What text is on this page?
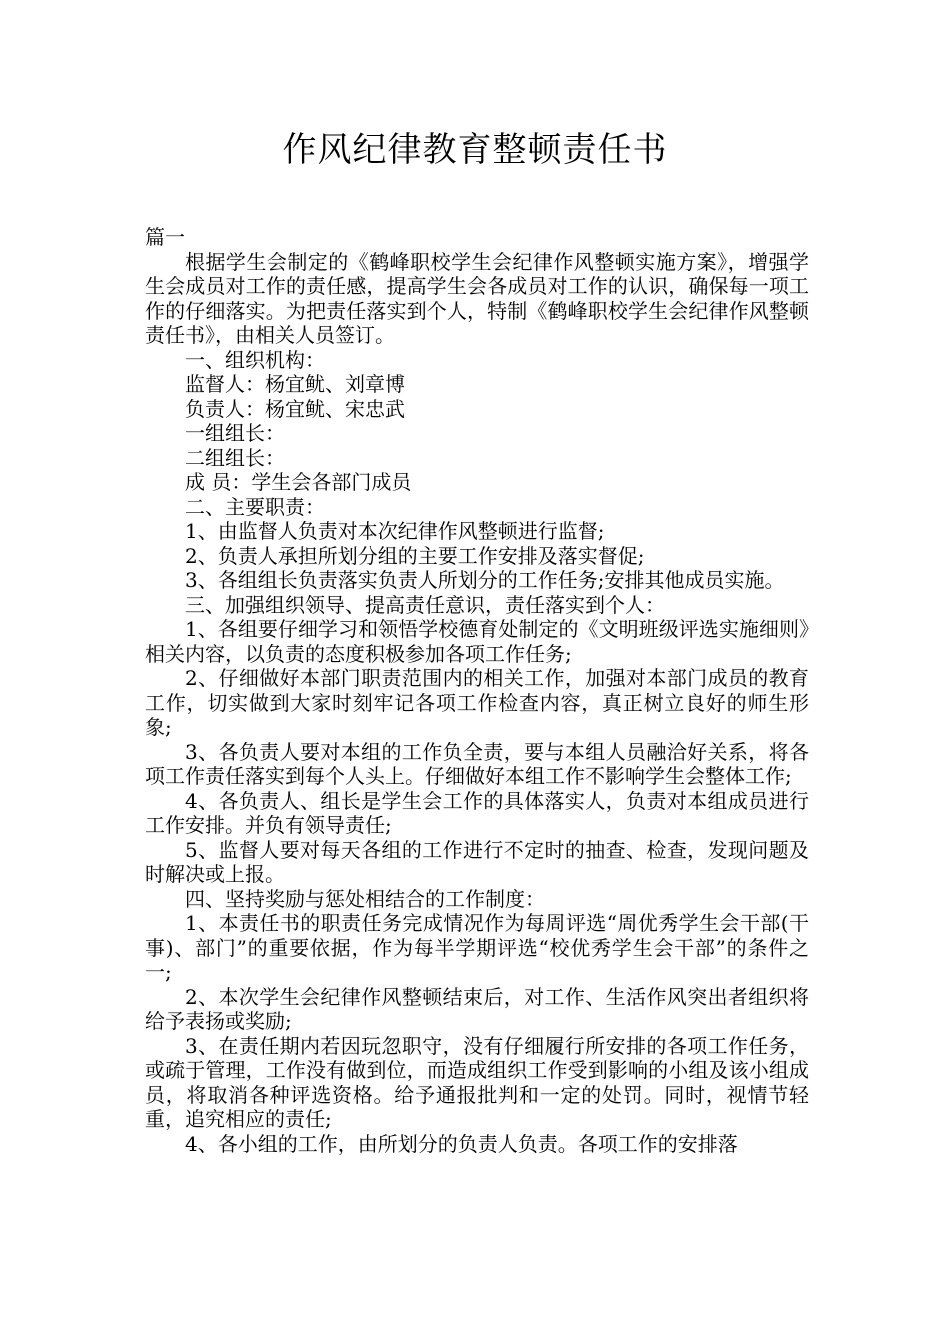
作风纪律教育整顿责任书

篇一

根据学生会制定的《鹤峰职校学生会纪律作风整顿实施方案》，增强学生会成员对工作的责任感，提高学生会各成员对工作的认识，确保每一项工作的仔细落实。为把责任落实到个人，特制《鹤峰职校学生会纪律作风整顿责任书》，由相关人员签订。

一、组织机构：

监督人：杨宜鱿、刘章博

负责人：杨宜鱿、宋忠武

一组组长：

二组组长：

成 员：学生会各部门成员

二、主要职责：

1、由监督人负责对本次纪律作风整顿进行监督;

2、负责人承担所划分组的主要工作安排及落实督促;

3、各组组长负责落实负责人所划分的工作任务;安排其他成员实施。

三、加强组织领导、提高责任意识，责任落实到个人：

1、各组要仔细学习和领悟学校德育处制定的《文明班级评选实施细则》相关内容，以负责的态度积极参加各项工作任务;

2、仔细做好本部门职责范围内的相关工作，加强对本部门成员的教育工作，切实做到大家时刻牢记各项工作检查内容，真正树立良好的师生形象;

3、各负责人要对本组的工作负全责，要与本组人员融洽好关系，将各项工作责任落实到每个人头上。仔细做好本组工作不影响学生会整体工作;

4、各负责人、组长是学生会工作的具体落实人，负责对本组成员进行工作安排。并负有领导责任;

5、监督人要对每天各组的工作进行不定时的抽查、检查，发现问题及时解决或上报。

四、坚持奖励与惩处相结合的工作制度：

1、本责任书的职责任务完成情况作为每周评选“周优秀学生会干部(干事)、部门”的重要依据，作为每半学期评选“校优秀学生会干部”的条件之一;

2、本次学生会纪律作风整顿结束后，对工作、生活作风突出者组织将给予表扬或奖励;

3、在责任期内若因玩忽职守，没有仔细履行所安排的各项工作任务，或疏于管理，工作没有做到位，而造成组织工作受到影响的小组及该小组成员，将取消各种评选资格。给予通报批判和一定的处罚。同时，视情节轻重，追究相应的责任;

4、各小组的工作，由所划分的负责人负责。各项工作的安排落
